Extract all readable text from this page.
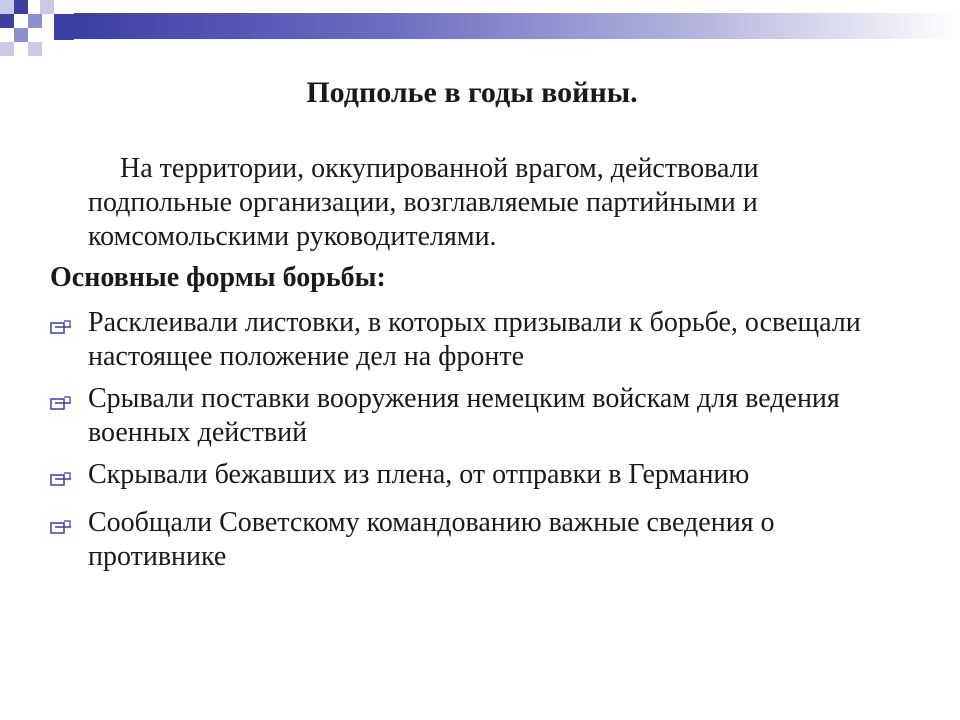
Подполье в годы войны.
На территории, оккупированной врагом, действовали подпольные организации, возглавляемые партийными и комсомольскими руководителями.
Основные формы борьбы:
Расклеивали листовки, в которых призывали к борьбе, освещали настоящее положение дел на фронте
Срывали поставки вооружения немецким войскам для ведения военных действий
Скрывали бежавших из плена, от отправки в Германию
Сообщали Советскому командованию важные сведения о противнике
